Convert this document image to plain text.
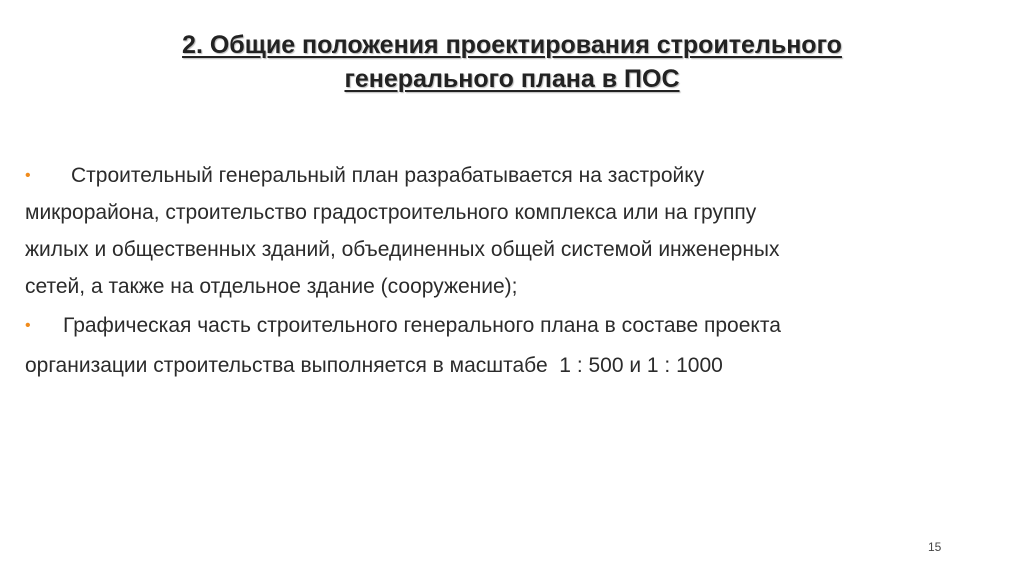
2. Общие положения проектирования строительного
генерального плана в ПОС
• Строительный генеральный план разрабатывается на застройку
микрорайона, строительство градостроительного комплекса или на группу
жилых и общественных зданий, объединенных общей системой инженерных
сетей, а также на отдельное здание (сооружение);
• Графическая часть строительного генерального плана в составе проекта
организации строительства выполняется в масштабе  1 : 500 и 1 : 1000
15
